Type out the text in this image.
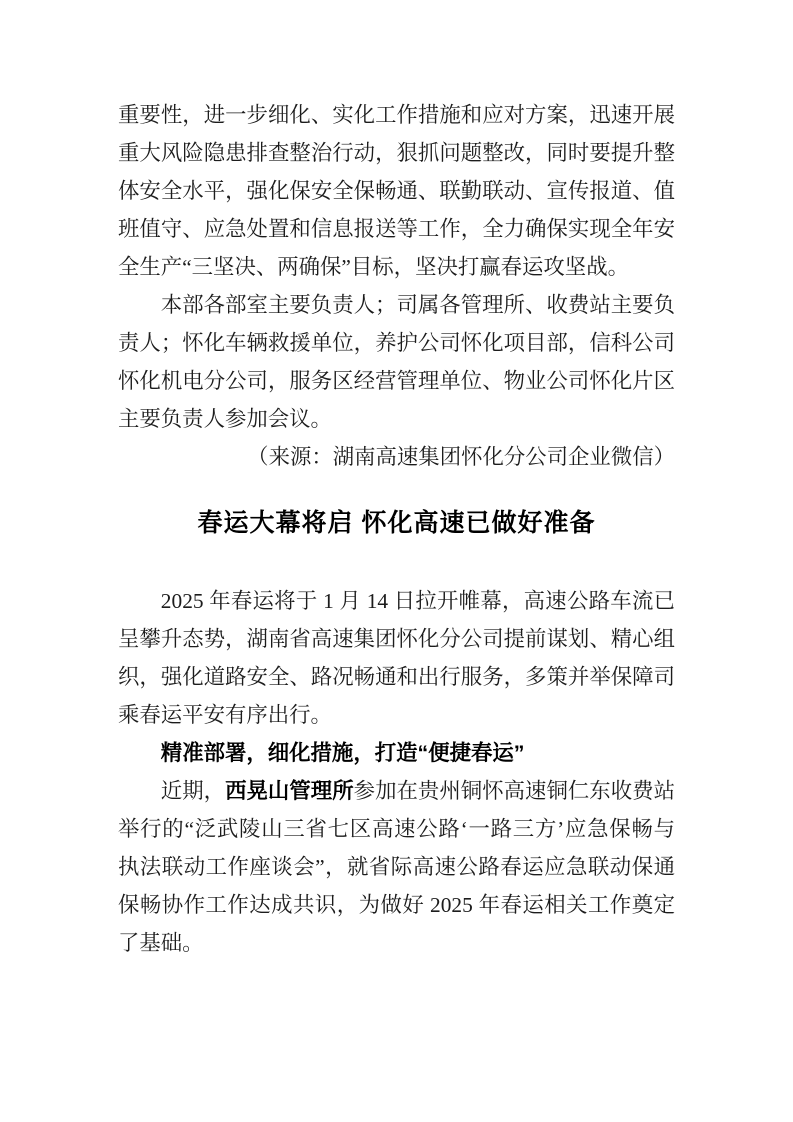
重要性，进一步细化、实化工作措施和应对方案，迅速开展重大风险隐患排查整治行动，狠抓问题整改，同时要提升整体安全水平，强化保安全保畅通、联勤联动、宣传报道、值班值守、应急处置和信息报送等工作，全力确保实现全年安全生产“三坚决、两确保”目标，坚决打赢春运攻坚战。

本部各部室主要负责人；司属各管理所、收费站主要负责人；怀化车辆救援单位，养护公司怀化项目部，信科公司怀化机电分公司，服务区经营管理单位、物业公司怀化片区主要负责人参加会议。

（来源：湖南高速集团怀化分公司企业微信）

春运大幕将启 怀化高速已做好准备

2025 年春运将于 1 月 14 日拉开帷幕，高速公路车流已呈攀升态势，湖南省高速集团怀化分公司提前谋划、精心组织，强化道路安全、路况畅通和出行服务，多策并举保障司乘春运平安有序出行。

精准部署，细化措施，打造“便捷春运”

近期，西晃山管理所参加在贵州铜怀高速铜仁东收费站举行的“泛武陵山三省七区高速公路‘一路三方’应急保畅与执法联动工作座谈会”，就省际高速公路春运应急联动保通保畅协作工作达成共识，为做好 2025 年春运相关工作奠定了基础。
